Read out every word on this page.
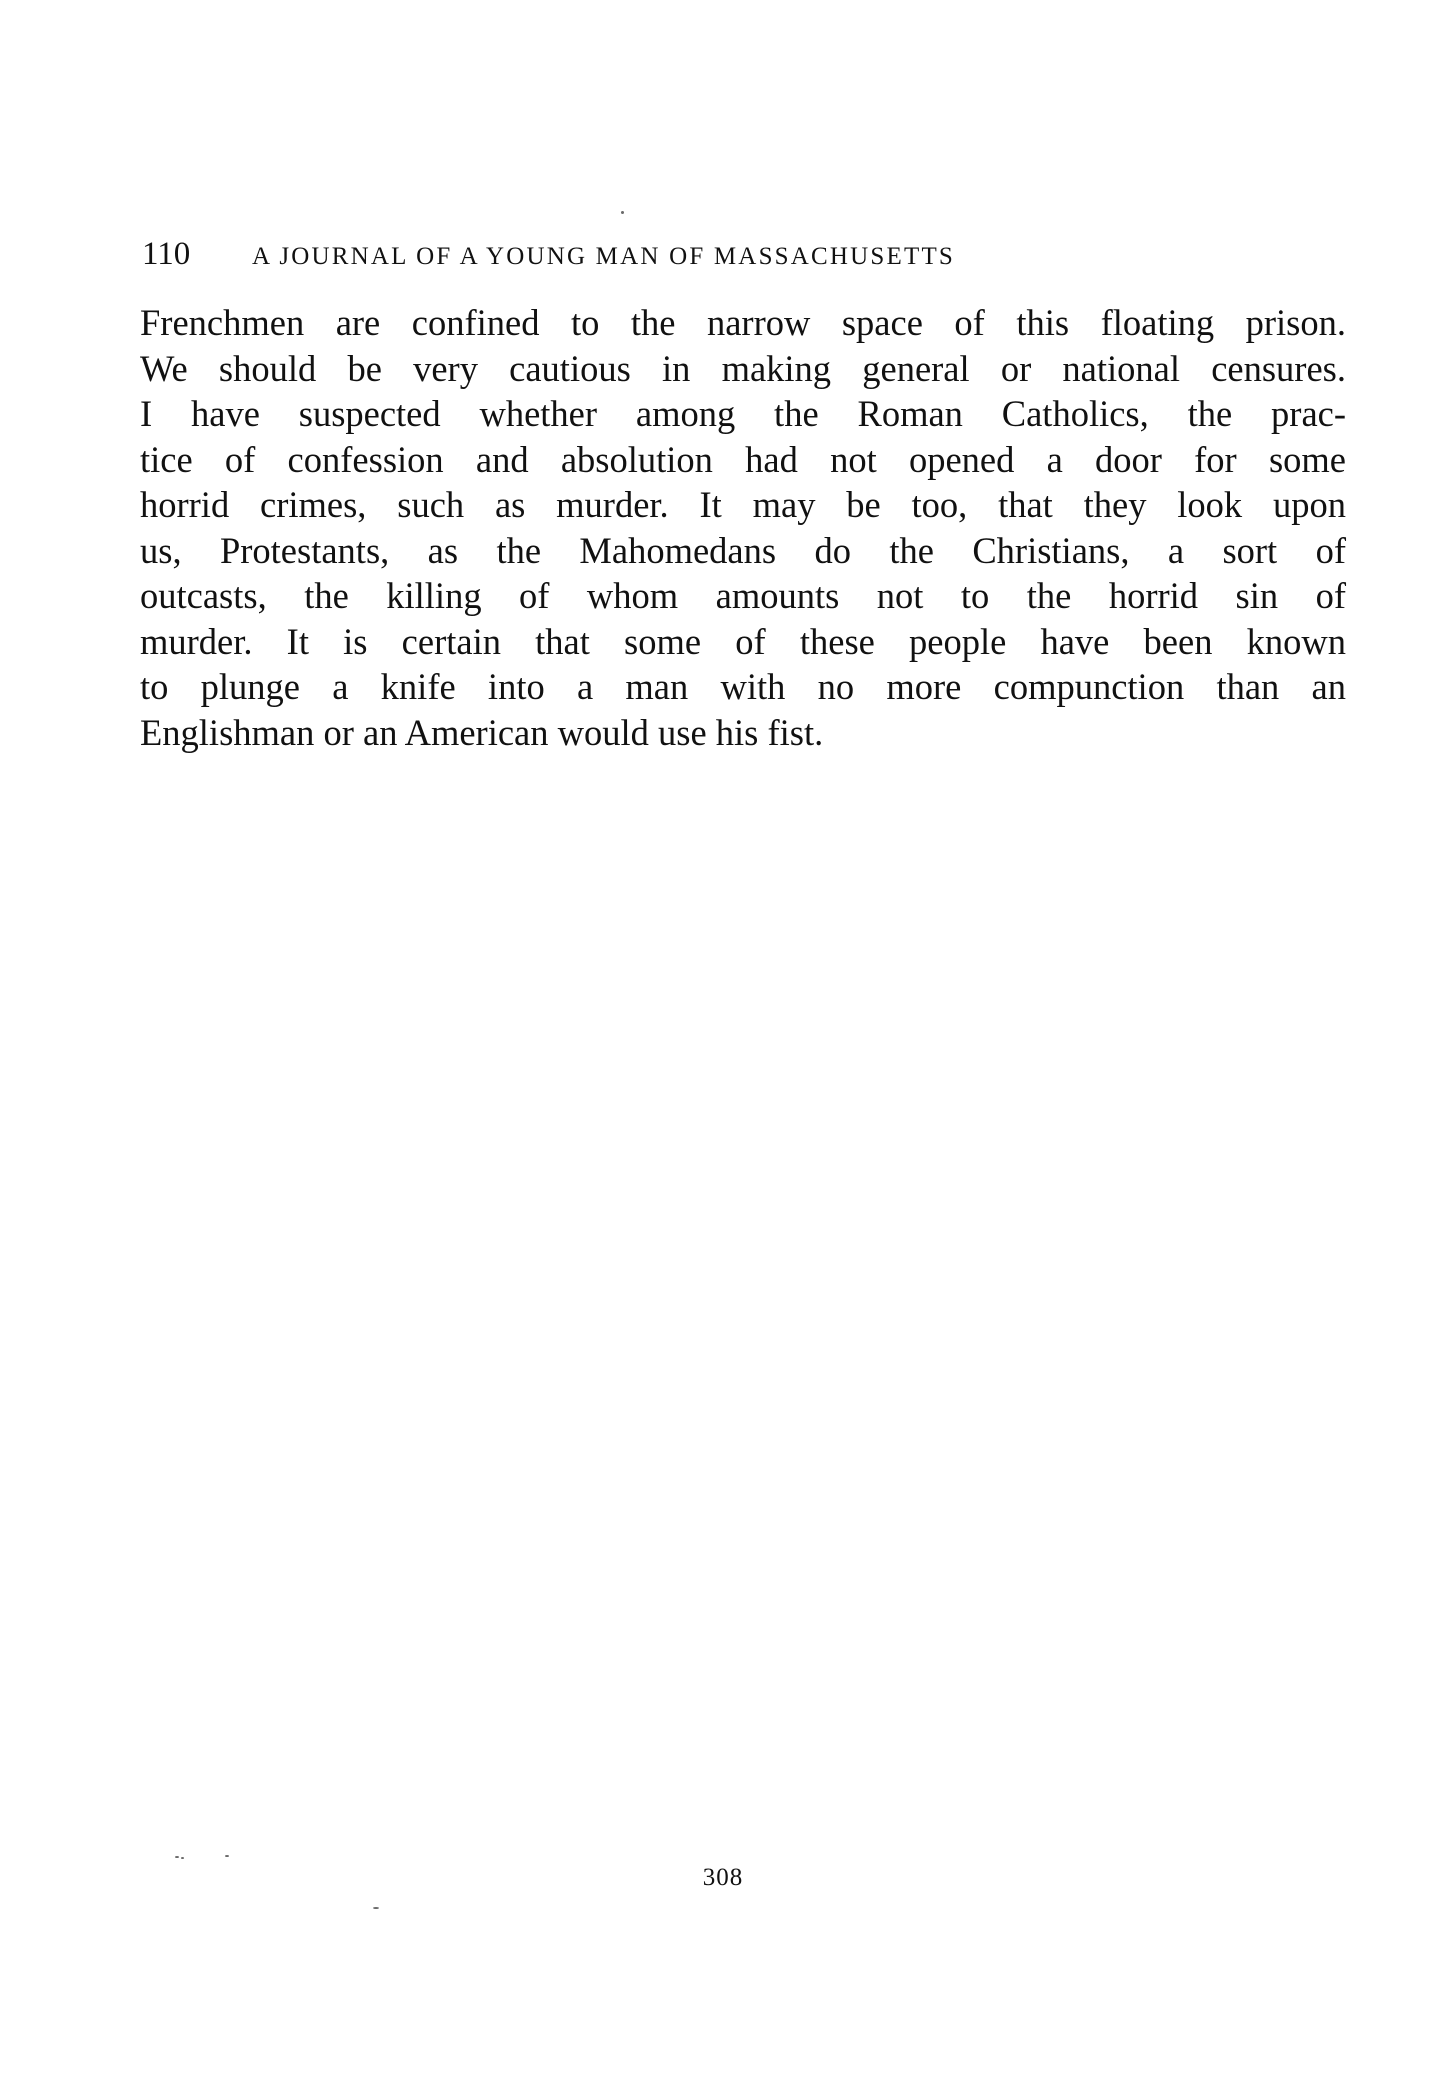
110 A JOURNAL OF A YOUNG MAN OF MASSACHUSETTS
Frenchmen are confined to the narrow space of this floating prison.
We should be very cautious in making general or national censures.
I have suspected whether among the Roman Catholics, the prac-
tice of confession and absolution had not opened a door for some
horrid crimes, such as murder. It may be too, that they look upon
us, Protestants, as the Mahomedans do the Christians, a sort of
outcasts, the killing of whom amounts not to the horrid sin of
murder. It is certain that some of these people have been known
to plunge a knife into a man with no more compunction than an
Englishman or an American would use his fist.
308
